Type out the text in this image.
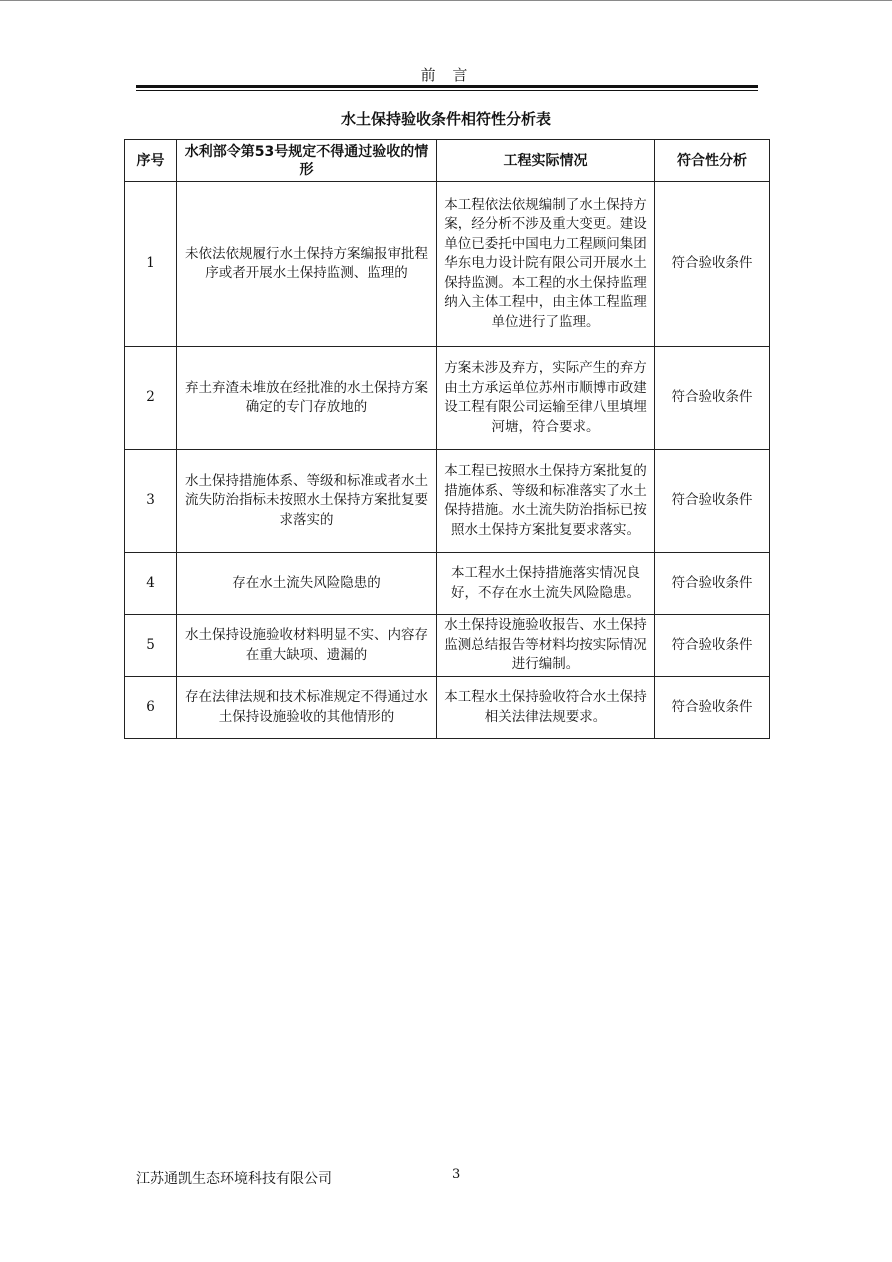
前 言
水土保持验收条件相符性分析表
序号	水利部令第53号规定不得通过验收的情形	工程实际情况	符合性分析
1	未依法依规履行水土保持方案编报审批程序或者开展水土保持监测、监理的	本工程依法依规编制了水土保持方案，经分析不涉及重大变更。建设单位已委托中国电力工程顾问集团华东电力设计院有限公司开展水土保持监测。本工程的水土保持监理纳入主体工程中，由主体工程监理单位进行了监理。	符合验收条件
2	弃土弃渣未堆放在经批准的水土保持方案确定的专门存放地的	方案未涉及弃方，实际产生的弃方由土方承运单位苏州市顺博市政建设工程有限公司运输至律八里填埋河塘，符合要求。	符合验收条件
3	水土保持措施体系、等级和标准或者水土流失防治指标未按照水土保持方案批复要求落实的	本工程已按照水土保持方案批复的措施体系、等级和标准落实了水土保持措施。水土流失防治指标已按照水土保持方案批复要求落实。	符合验收条件
4	存在水土流失风险隐患的	本工程水土保持措施落实情况良好，不存在水土流失风险隐患。	符合验收条件
5	水土保持设施验收材料明显不实、内容存在重大缺项、遗漏的	水土保持设施验收报告、水土保持监测总结报告等材料均按实际情况进行编制。	符合验收条件
6	存在法律法规和技术标准规定不得通过水土保持设施验收的其他情形的	本工程水土保持验收符合水土保持相关法律法规要求。	符合验收条件
江苏通凯生态环境科技有限公司	3
